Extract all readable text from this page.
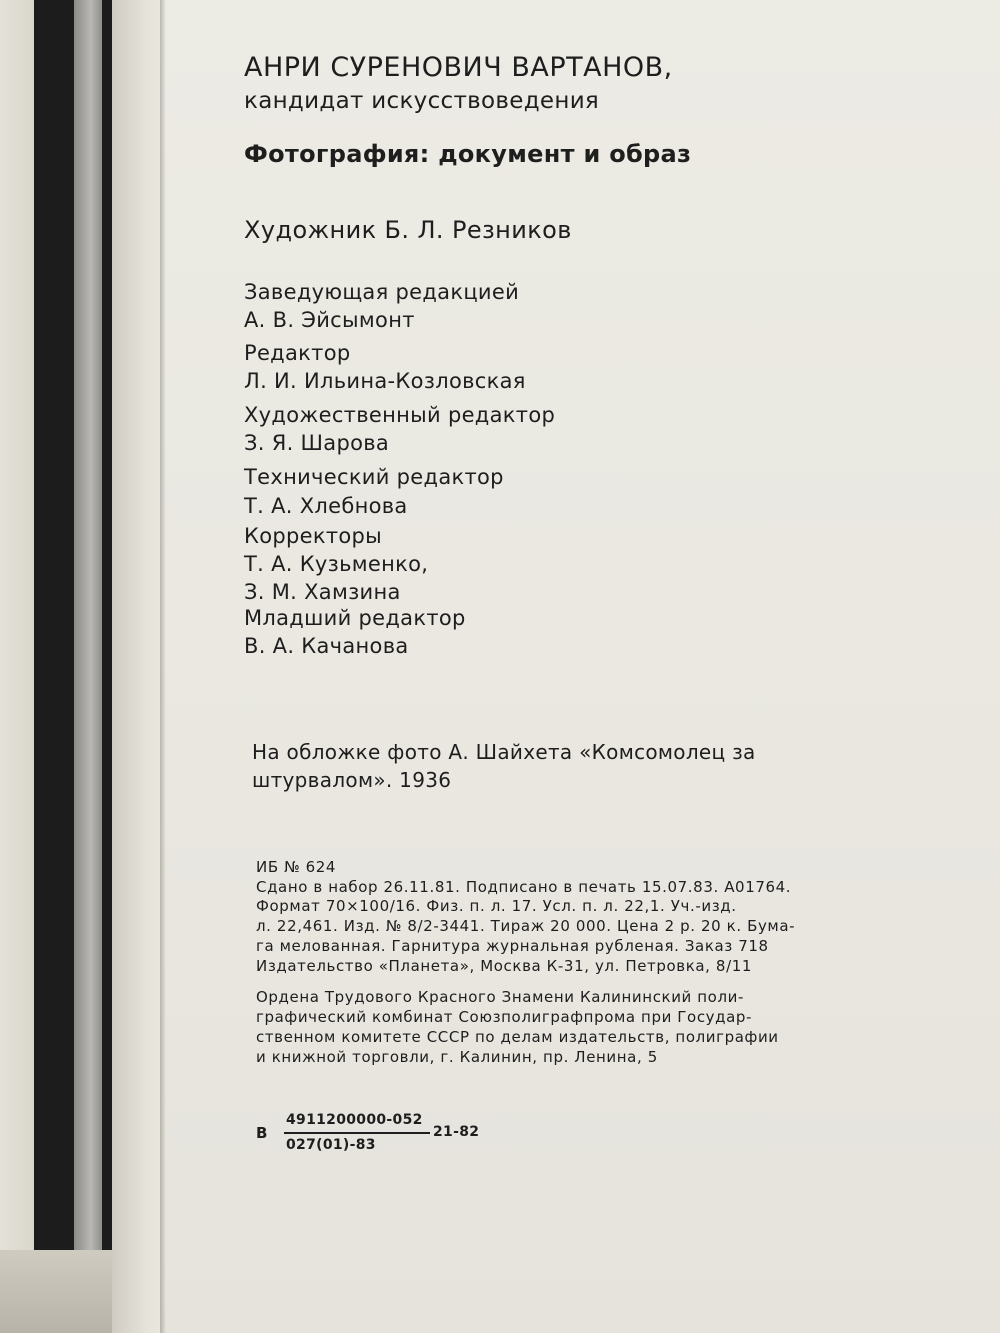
АНРИ СУРЕНОВИЧ ВАРТАНОВ,
кандидат искусствоведения
Фотография: документ и образ
Художник Б. Л. Резников
Заведующая редакцией
А. В. Эйсымонт
Редактор
Л. И. Ильина-Козловская
Художественный редактор
З. Я. Шарова
Технический редактор
Т. А. Хлебнова
Корректоры
Т. А. Кузьменко,
З. М. Хамзина
Младший редактор
В. А. Качанова
На обложке фото А. Шайхета «Комсомолец за
штурвалом». 1936
ИБ № 624
Сдано в набор 26.11.81. Подписано в печать 15.07.83. А01764.
Формат 70×100/16. Физ. п. л. 17. Усл. п. л. 22,1. Уч.-изд.
л. 22,461. Изд. № 8/2-3441. Тираж 20 000. Цена 2 р. 20 к. Бума-
га мелованная. Гарнитура журнальная рубленая. Заказ 718
Издательство «Планета», Москва К-31, ул. Петровка, 8/11
Ордена Трудового Красного Знамени Калининский поли-
графический комбинат Союзполиграфпрома при Государ-
ственном комитете СССР по делам издательств, полиграфии
и книжной торговли, г. Калинин, пр. Ленина, 5
В
4911200000-052
027(01)-83
21-82
